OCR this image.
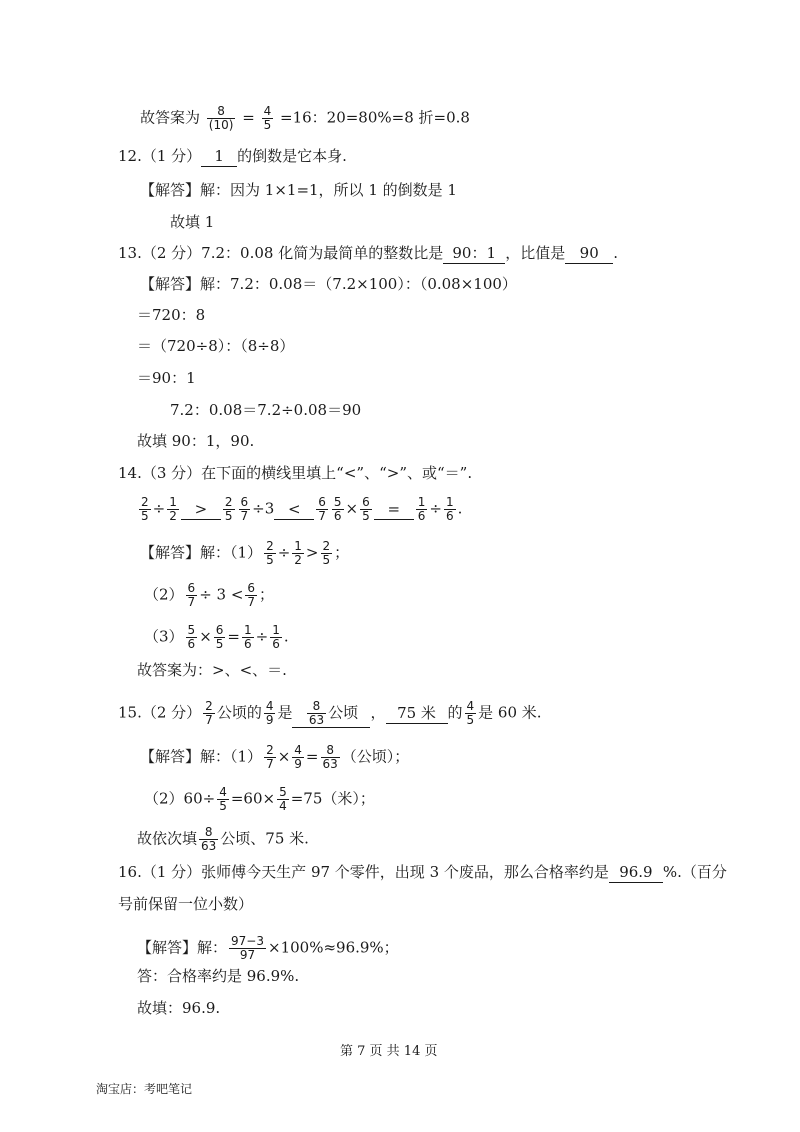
故答案为 $\frac{8}{(10)} = \frac{4}{5} =16$：20=80%=8 折=0.8
12.（1 分） 1 的倒数是它本身.
【解答】解：因为 1×1=1，所以 1 的倒数是 1
故填 1
13.（2 分）7.2：0.08 化简为最简单的整数比是 90：1 ，比值是 90 .
【解答】解：7.2：0.08＝（7.2×100）：（0.08×100）
＝720：8
＝（720÷8）：（8÷8）
＝90：1
7.2：0.08＝7.2÷0.08＝90
故填 90：1，90.
14.（3 分）在下面的横线里填上“<”、“>”、或“＝”.
$\frac{2}{5} \div \frac{1}{2} > \frac{2}{5} \frac{6}{7} \div 3 < \frac{6}{7} \frac{5}{6} \times \frac{6}{5} = \frac{1}{6} \div \frac{1}{6}$ .
【解答】解：$(1) \frac{2}{5} \div \frac{1}{2} > \frac{2}{5}$ ；
$(2) \frac{6}{7} \div 3 < \frac{6}{7}$ ；
$(3) \frac{5}{6} \times \frac{6}{5} = \frac{1}{6} \div \frac{1}{6}$ .
故答案为：>、<、＝.
15.（2 分） $\frac{2}{7}$ 公顷的 $\frac{4}{9}$ 是 $\frac{8}{63}$ 公顷 ， 75 米 的 $\frac{4}{5}$ 是 60 米.
【解答】解：$(1) \frac{2}{7} \times \frac{4}{9} = \frac{8}{63}$ （公顷）；
$(2)60\div \frac{4}{5} =60\times \frac{5}{4} =75$（米）；
故依次填 $\frac{8}{63}$ 公顷、75 米.
16.（1 分）张师傅今天生产 97 个零件，出现 3 个废品，那么合格率约是 96.9 %.（百分
号前保留一位小数）
【解答】解： $\frac{97-3}{97} \times 100\%\approx 96.9\%$；
答：合格率约是 96.9%.
故填：96.9.
第 7 页 共 14 页
淘宝店：考吧笔记
